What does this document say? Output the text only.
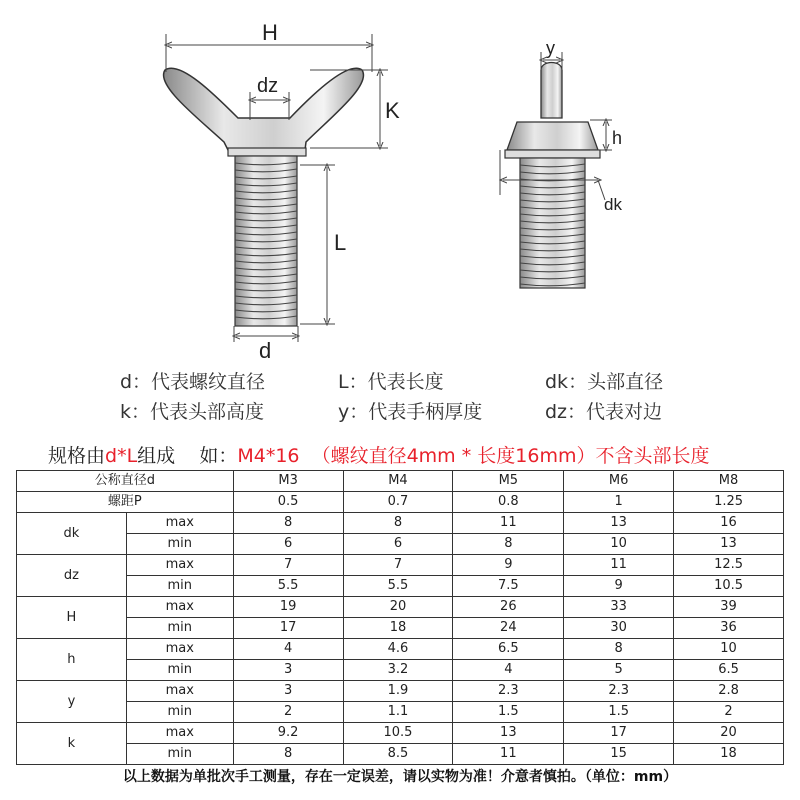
H
dz
K
L
d
y
h
dk
d：代表螺纹直径	L：代表长度	dk：头部直径
k：代表头部高度	y：代表手柄厚度	dz：代表对边
规格由d*L组成    如：M4*16  （螺纹直径4mm * 长度16mm）不含头部长度
公称直径d		M3	M4	M5	M6	M8
螺距P		0.5	0.7	0.8	1	1.25
dk	max	8	8	11	13	16
	min	6	6	8	10	13
dz	max	7	7	9	11	12.5
	min	5.5	5.5	7.5	9	10.5
H	max	19	20	26	33	39
	min	17	18	24	30	36
h	max	4	4.6	6.5	8	10
	min	3	3.2	4	5	6.5
y	max	3	1.9	2.3	2.3	2.8
	min	2	1.1	1.5	1.5	2
k	max	9.2	10.5	13	17	20
	min	8	8.5	11	15	18
以上数据为单批次手工测量，存在一定误差，请以实物为准！介意者慎拍。（单位：mm）
